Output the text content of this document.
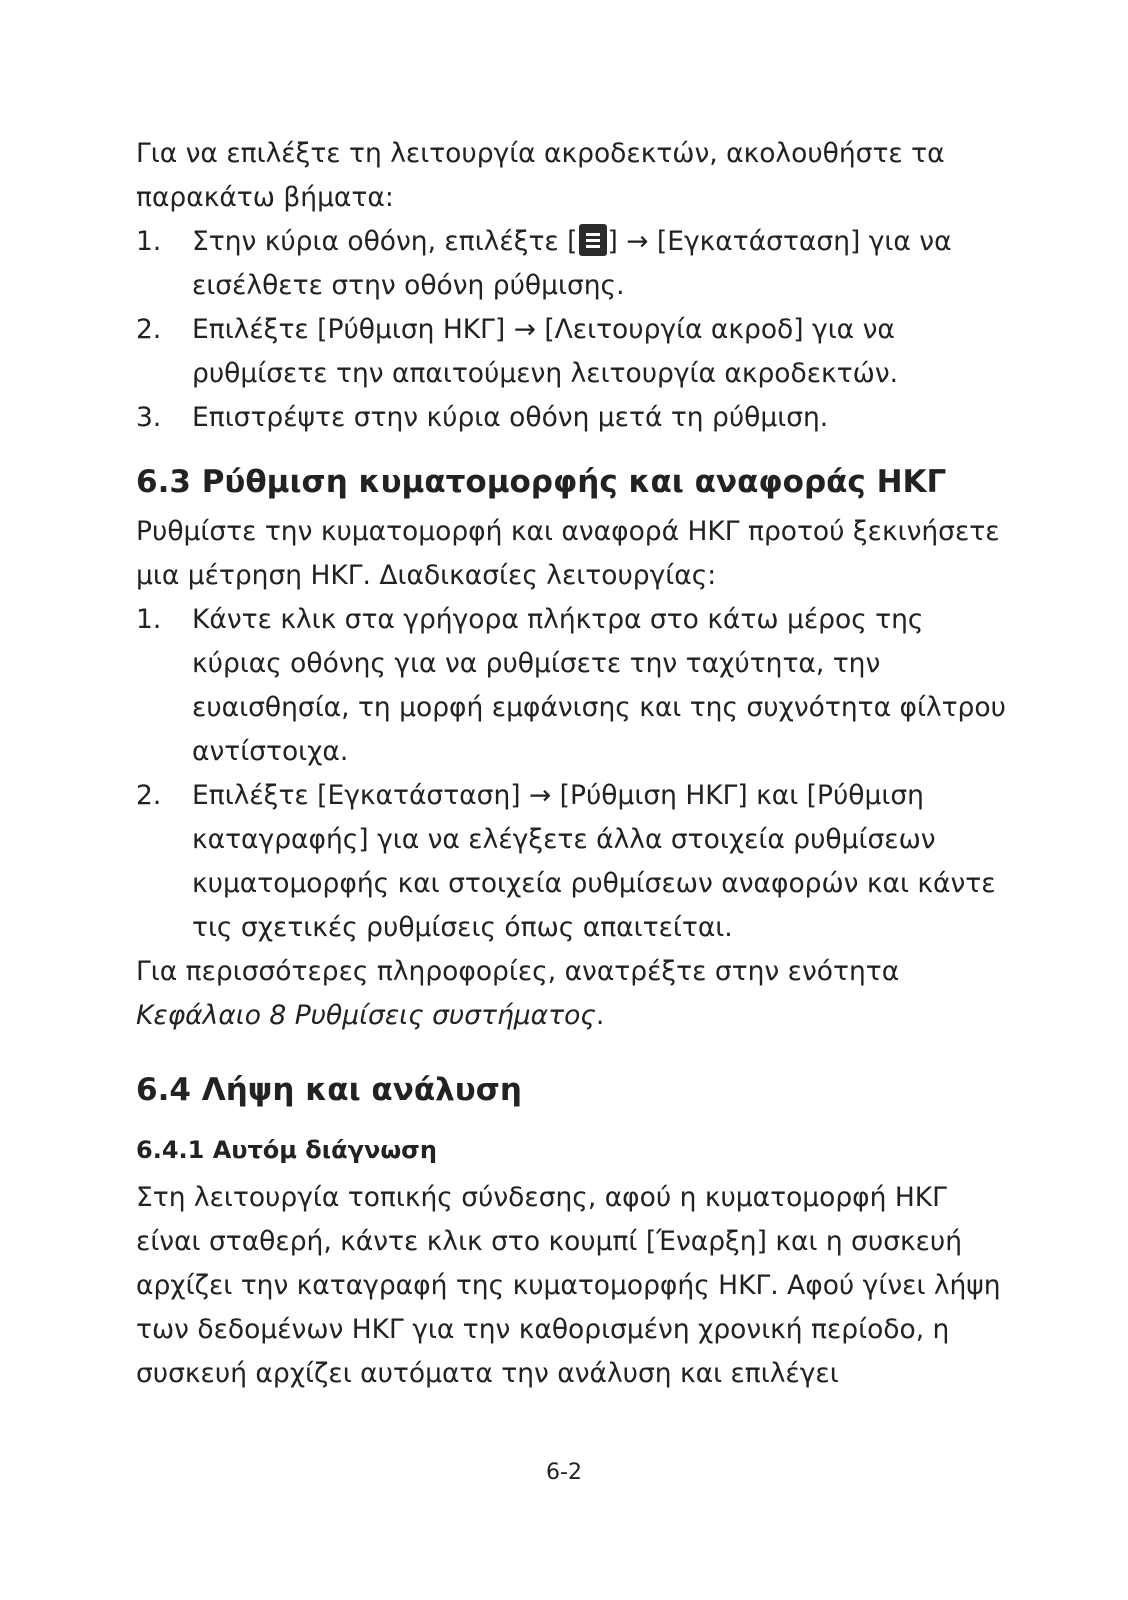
Για να επιλέξτε τη λειτουργία ακροδεκτών, ακολουθήστε τα παρακάτω βήματα:

1. Στην κύρια οθόνη, επιλέξτε [ ] → [Εγκατάσταση] για να εισέλθετε στην οθόνη ρύθμισης.
2. Επιλέξτε [Ρύθμιση ΗΚΓ] → [Λειτουργία ακροδ] για να ρυθμίσετε την απαιτούμενη λειτουργία ακροδεκτών.
3. Επιστρέψτε στην κύρια οθόνη μετά τη ρύθμιση.
6.3 Ρύθμιση κυματομορφής και αναφοράς ΗΚΓ

Ρυθμίστε την κυματομορφή και αναφορά ΗΚΓ προτού ξεκινήσετε μια μέτρηση ΗΚΓ. Διαδικασίες λειτουργίας:

1. Κάντε κλικ στα γρήγορα πλήκτρα στο κάτω μέρος της κύριας οθόνης για να ρυθμίσετε την ταχύτητα, την ευαισθησία, τη μορφή εμφάνισης και της συχνότητα φίλτρου αντίστοιχα.
2. Επιλέξτε [Εγκατάσταση] → [Ρύθμιση ΗΚΓ] και [Ρύθμιση καταγραφής] για να ελέγξετε άλλα στοιχεία ρυθμίσεων κυματομορφής και στοιχεία ρυθμίσεων αναφορών και κάντε τις σχετικές ρυθμίσεις όπως απαιτείται.

Για περισσότερες πληροφορίες, ανατρέξτε στην ενότητα Κεφάλαιο 8 Ρυθμίσεις συστήματος.

6.4 Λήψη και ανάλυση
6.4.1 Αυτόμ διάγνωση

Στη λειτουργία τοπικής σύνδεσης, αφού η κυματομορφή ΗΚΓ είναι σταθερή, κάντε κλικ στο κουμπί [Έναρξη] και η συσκευή αρχίζει την καταγραφή της κυματομορφής ΗΚΓ. Αφού γίνει λήψη των δεδομένων ΗΚΓ για την καθορισμένη χρονική περίοδο, η συσκευή αρχίζει αυτόματα την ανάλυση και επιλέγει

6-2
